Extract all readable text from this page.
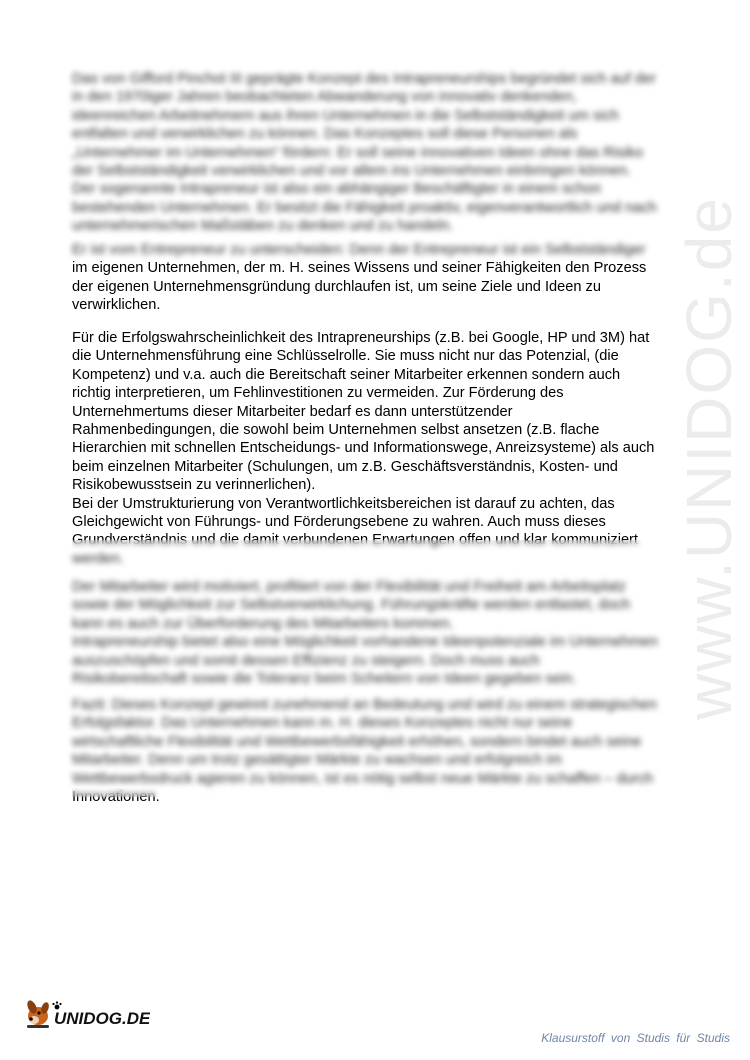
Das von Gifford Pinchot III geprägte Konzept des Intrapreneurships begründet sich auf der

in den 1970iger Jahren beobachteten Abwanderung von innovativ denkenden,

ideenreichen Arbeitnehmern aus ihren Unternehmen in die Selbstständigkeit um sich

entfalten und verwirklichen zu können. Das Konzeptes soll diese Personen als

„Unternehmer im Unternehmen“ fördern: Er soll seine innovativen Ideen ohne das Risiko

der Selbstständigkeit verwirklichen und vor allem ins Unternehmen einbringen können.

Der sogenannte Intrapreneur ist also ein abhängiger Beschäftigter in einem schon

bestehenden Unternehmen. Er besitzt die Fähigkeit proaktiv, eigenverantwortlich und nach

unternehmerischen Maßstäben zu denken und zu handeln.

Er ist vom Entrepreneur zu unterscheiden: Denn der Entrepreneur ist ein Selbstständiger

im eigenen Unternehmen, der m. H. seines Wissens und seiner Fähigkeiten den Prozess

der eigenen Unternehmensgründung durchlaufen ist, um seine Ziele und Ideen zu

verwirklichen.

Für die Erfolgswahrscheinlichkeit des Intrapreneurships (z.B. bei Google, HP und 3M) hat

die Unternehmensführung eine Schlüsselrolle. Sie muss nicht nur das Potenzial, (die

Kompetenz) und v.a. auch die Bereitschaft seiner Mitarbeiter erkennen sondern auch

richtig interpretieren, um Fehlinvestitionen zu vermeiden. Zur Förderung des

Unternehmertums dieser Mitarbeiter bedarf es dann unterstützender

Rahmenbedingungen, die sowohl beim Unternehmen selbst ansetzen (z.B. flache

Hierarchien mit schnellen Entscheidungs- und Informationswege, Anreizsysteme) als auch

beim einzelnen Mitarbeiter (Schulungen, um z.B. Geschäftsverständnis, Kosten- und

Risikobewusstsein zu verinnerlichen).

Bei der Umstrukturierung von Verantwortlichkeitsbereichen ist darauf zu achten, das

Gleichgewicht von Führungs- und Förderungsebene zu wahren. Auch muss dieses

Grundverständnis und die damit verbundenen Erwartungen offen und klar kommuniziert

werden.

Der Mitarbeiter wird motiviert, profitiert von der Flexibilität und Freiheit am Arbeitsplatz

sowie der Möglichkeit zur Selbstverwirklichung. Führungskräfte werden entlastet, doch

kann es auch zur Überforderung des Mitarbeiters kommen.

Intrapreneurship bietet also eine Möglichkeit vorhandene Ideenpotenziale im Unternehmen

auszuschöpfen und somit dessen Effizienz zu steigern. Doch muss auch

Risikobereitschaft sowie die Toleranz beim Scheitern von Ideen gegeben sein.

Fazit: Dieses Konzept gewinnt zunehmend an Bedeutung und wird zu einem strategischen

Erfolgsfaktor. Das Unternehmen kann m. H. dieses Konzeptes nicht nur seine

wirtschaftliche Flexibilität und Wettbewerbsfähigkeit erhöhen, sondern bindet auch seine

Mitarbeiter. Denn um trotz gesättigter Märkte zu wachsen und erfolgreich im

Wettbewerbsdruck agieren zu können, ist es nötig selbst neue Märkte zu schaffen – durch

Innovationen.

www.UNIDOG.de
UNIDOG.DE
Klausurstoff von Studis für Studis
